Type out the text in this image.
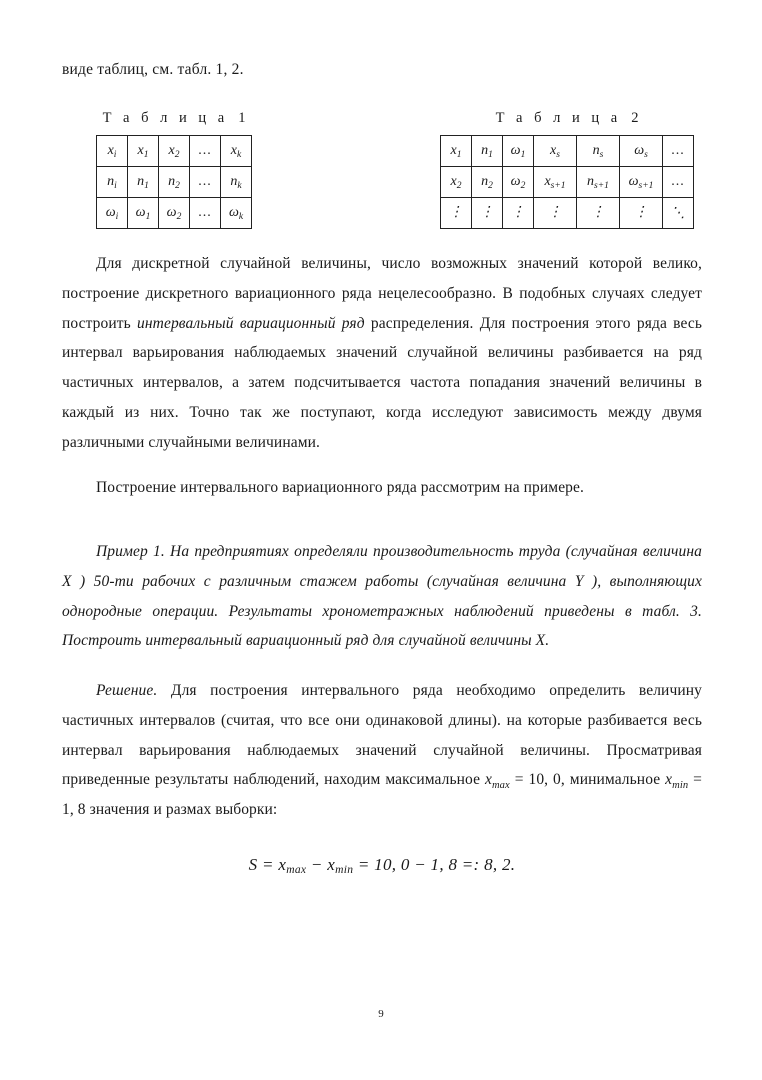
виде таблиц, см. табл. 1, 2.
Т а б л и ц а 1
$x_i$	$x_1$	$x_2$	...	$x_k$
$n_i$	$n_1$	$n_2$	...	$n_k$
$\omega_i$	$\omega_1$	$\omega_2$	...	$\omega_k$
Т а б л и ц а 2
$x_1$	$n_1$	$\omega_1$	$x_s$	$n_s$	$\omega_s$	...
$x_2$	$n_2$	$\omega_2$	$x_{s+1}$	$n_{s+1}$	$\omega_{s+1}$	...
⋮	⋮	⋮	⋮	⋮	⋮	⋱

Для дискретной случайной величины, число возможных значений которой велико, построение дискретного вариационного ряда нецелесообразно. В подобных случаях следует построить интервальный вариационный ряд распределения. Для построения этого ряда весь интервал варьирования наблюдаемых значений случайной величины разбивается на ряд частичных интервалов, а затем подсчитывается частота попадания значений величины в каждый из них. Точно так же поступают, когда исследуют зависимость между двумя различными случайными величинами.

Построение интервального вариационного ряда рассмотрим на примере.

Пример 1. На предприятиях определяли производительность труда (случайная величина X ) 50-ти рабочих с различным стажем работы (случайная величина Y ), выполняющих однородные операции. Результаты хронометражных наблюдений приведены в табл. 3. Построить интервальный вариационный ряд для случайной величины X.

Решение. Для построения интервального ряда необходимо определить величину частичных интервалов (считая, что все они одинаковой длины). на которые разбивается весь интервал варьирования наблюдаемых значений случайной величины. Просматривая приведенные результаты наблюдений, находим максимальное $x_{max} = 10$, 0, минимальное $x_{min} = 1$, 8 значения и размах выборки:

$S = x_{max} - x_{min} = 10$, 0 − 1, 8 =: 8, 2.
9
